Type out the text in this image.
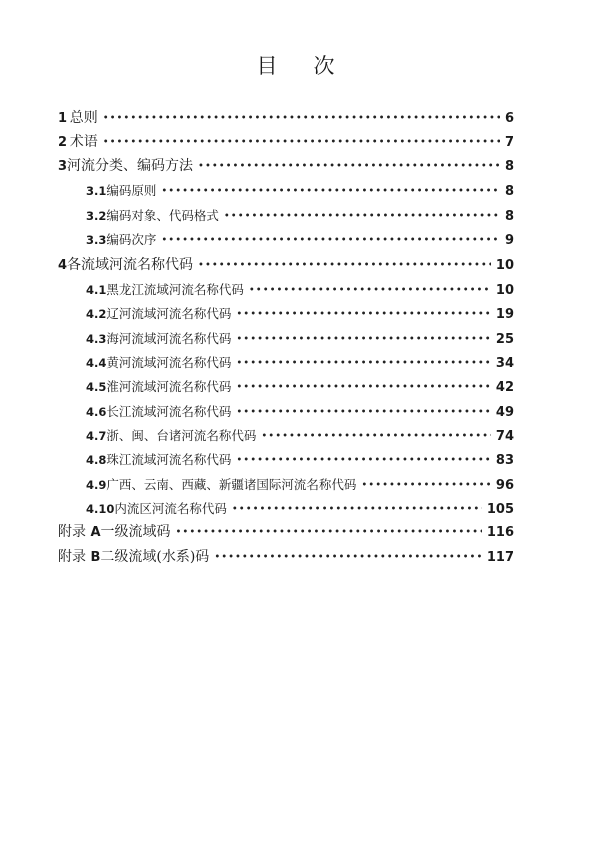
目 次
1 总则 •••••	6
2 术语 •••••	7
3 河流分类、编码方法 •••••	8
3.1 编码原则 •••••	8
3.2 编码对象、代码格式 •••••	8
3.3 编码次序 •••••	9
4 各流域河流名称代码 •••••	10
4.1 黑龙江流域河流名称代码 •••••	10
4.2 辽河流域河流名称代码 •••••	19
4.3 海河流域河流名称代码 •••••	25
4.4 黄河流域河流名称代码 •••••	34
4.5 淮河流域河流名称代码 •••••	42
4.6 长江流域河流名称代码 •••••	49
4.7 浙、闽、台诸河流名称代码 •••••	74
4.8 珠江流域河流名称代码 •••••	83
4.9 广西、云南、西藏、新疆诸国际河流名称代码 •••••	96
4.10 内流区河流名称代码 •••••	105
附录 A 一级流域码 •••••	116
附录 B 二级流域(水系)码 •••••	117
